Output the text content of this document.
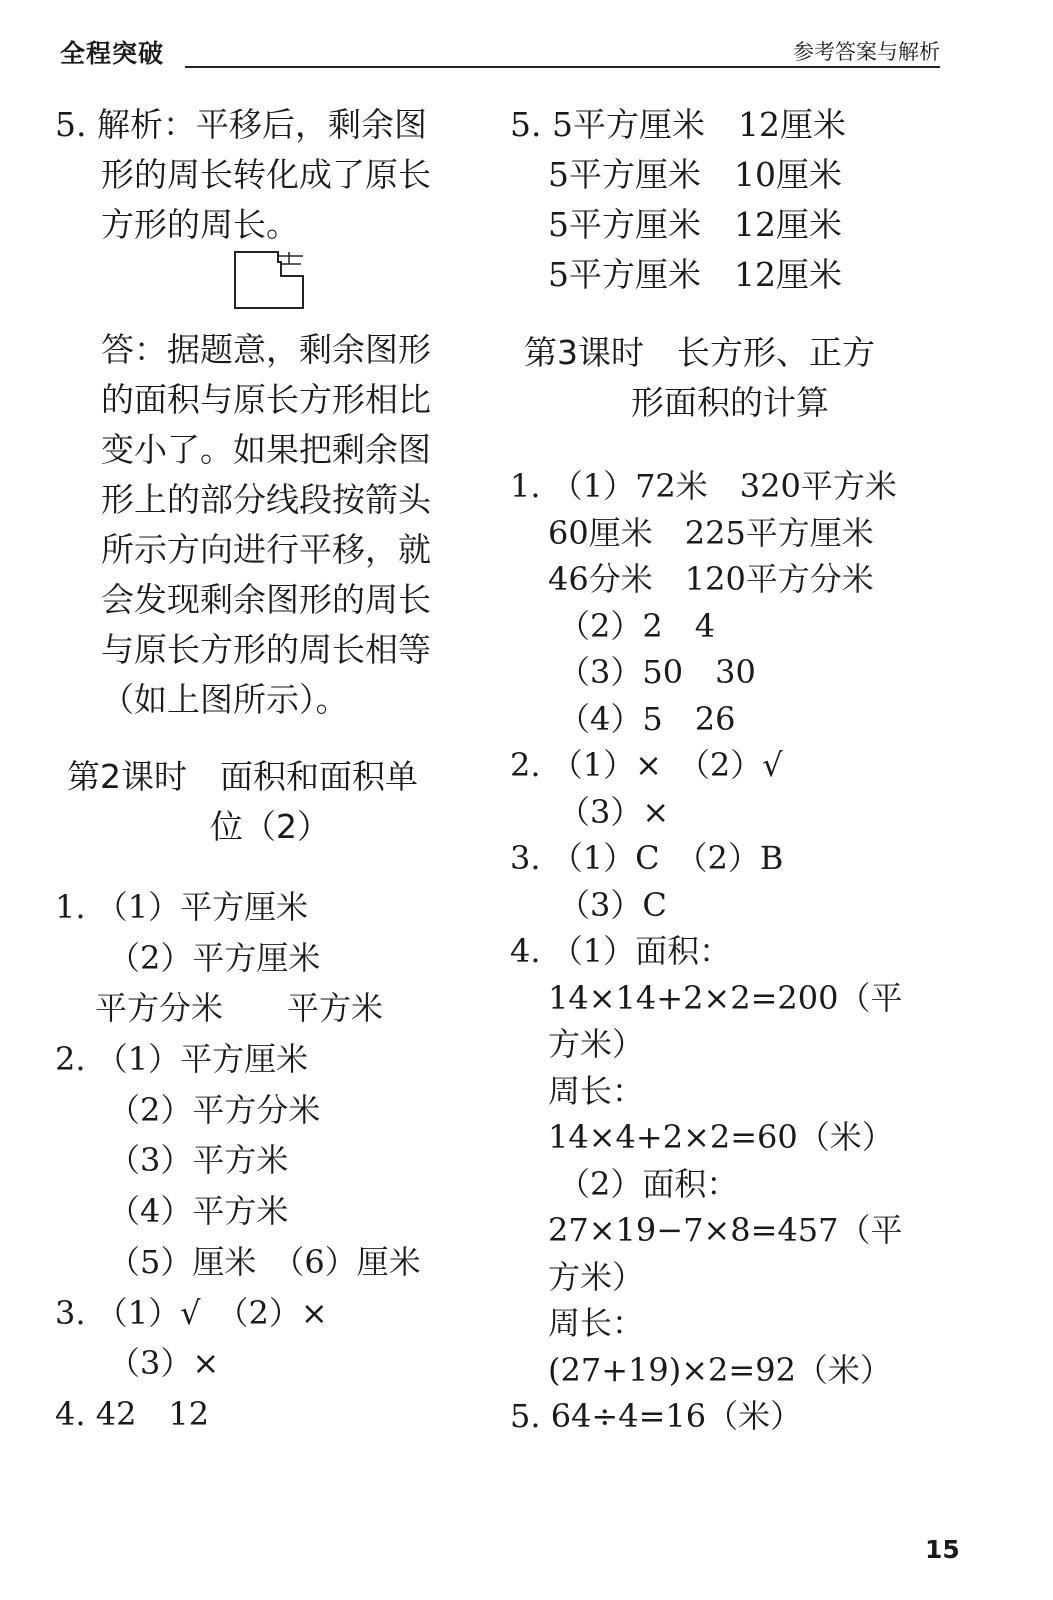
全程突破	参考答案与解析
5. 解析：平移后，剩余图
形的周长转化成了原长
方形的周长。
答：据题意，剩余图形
的面积与原长方形相比
变小了。如果把剩余图
形上的部分线段按箭头
所示方向进行平移，就
会发现剩余图形的周长
与原长方形的周长相等
（如上图所示）。
第2课时　面积和面积单
位（2）
1. （1）平方厘米
（2）平方厘米
平方分米　　平方米
2. （1）平方厘米
（2）平方分米
（3）平方米
（4）平方米
（5）厘米　（6）厘米
3. （1）√　（2）×
（3）×
4. 42　12
5. 5平方厘米　12厘米
5平方厘米　10厘米
5平方厘米　12厘米
5平方厘米　12厘米
第3课时　长方形、正方
形面积的计算
1. （1）72米　320平方米
60厘米　225平方厘米
46分米　120平方分米
（2）2　4
（3）50　30
（4）5　26
2. （1）×　（2）√
（3）×
3. （1）C　（2）B
（3）C
4. （1）面积：
14×14+2×2=200（平
方米）
周长：
14×4+2×2=60（米）
（2）面积：
27×19−7×8=457（平
方米）
周长：
(27+19)×2=92（米）
5. 64÷4=16（米）
15
